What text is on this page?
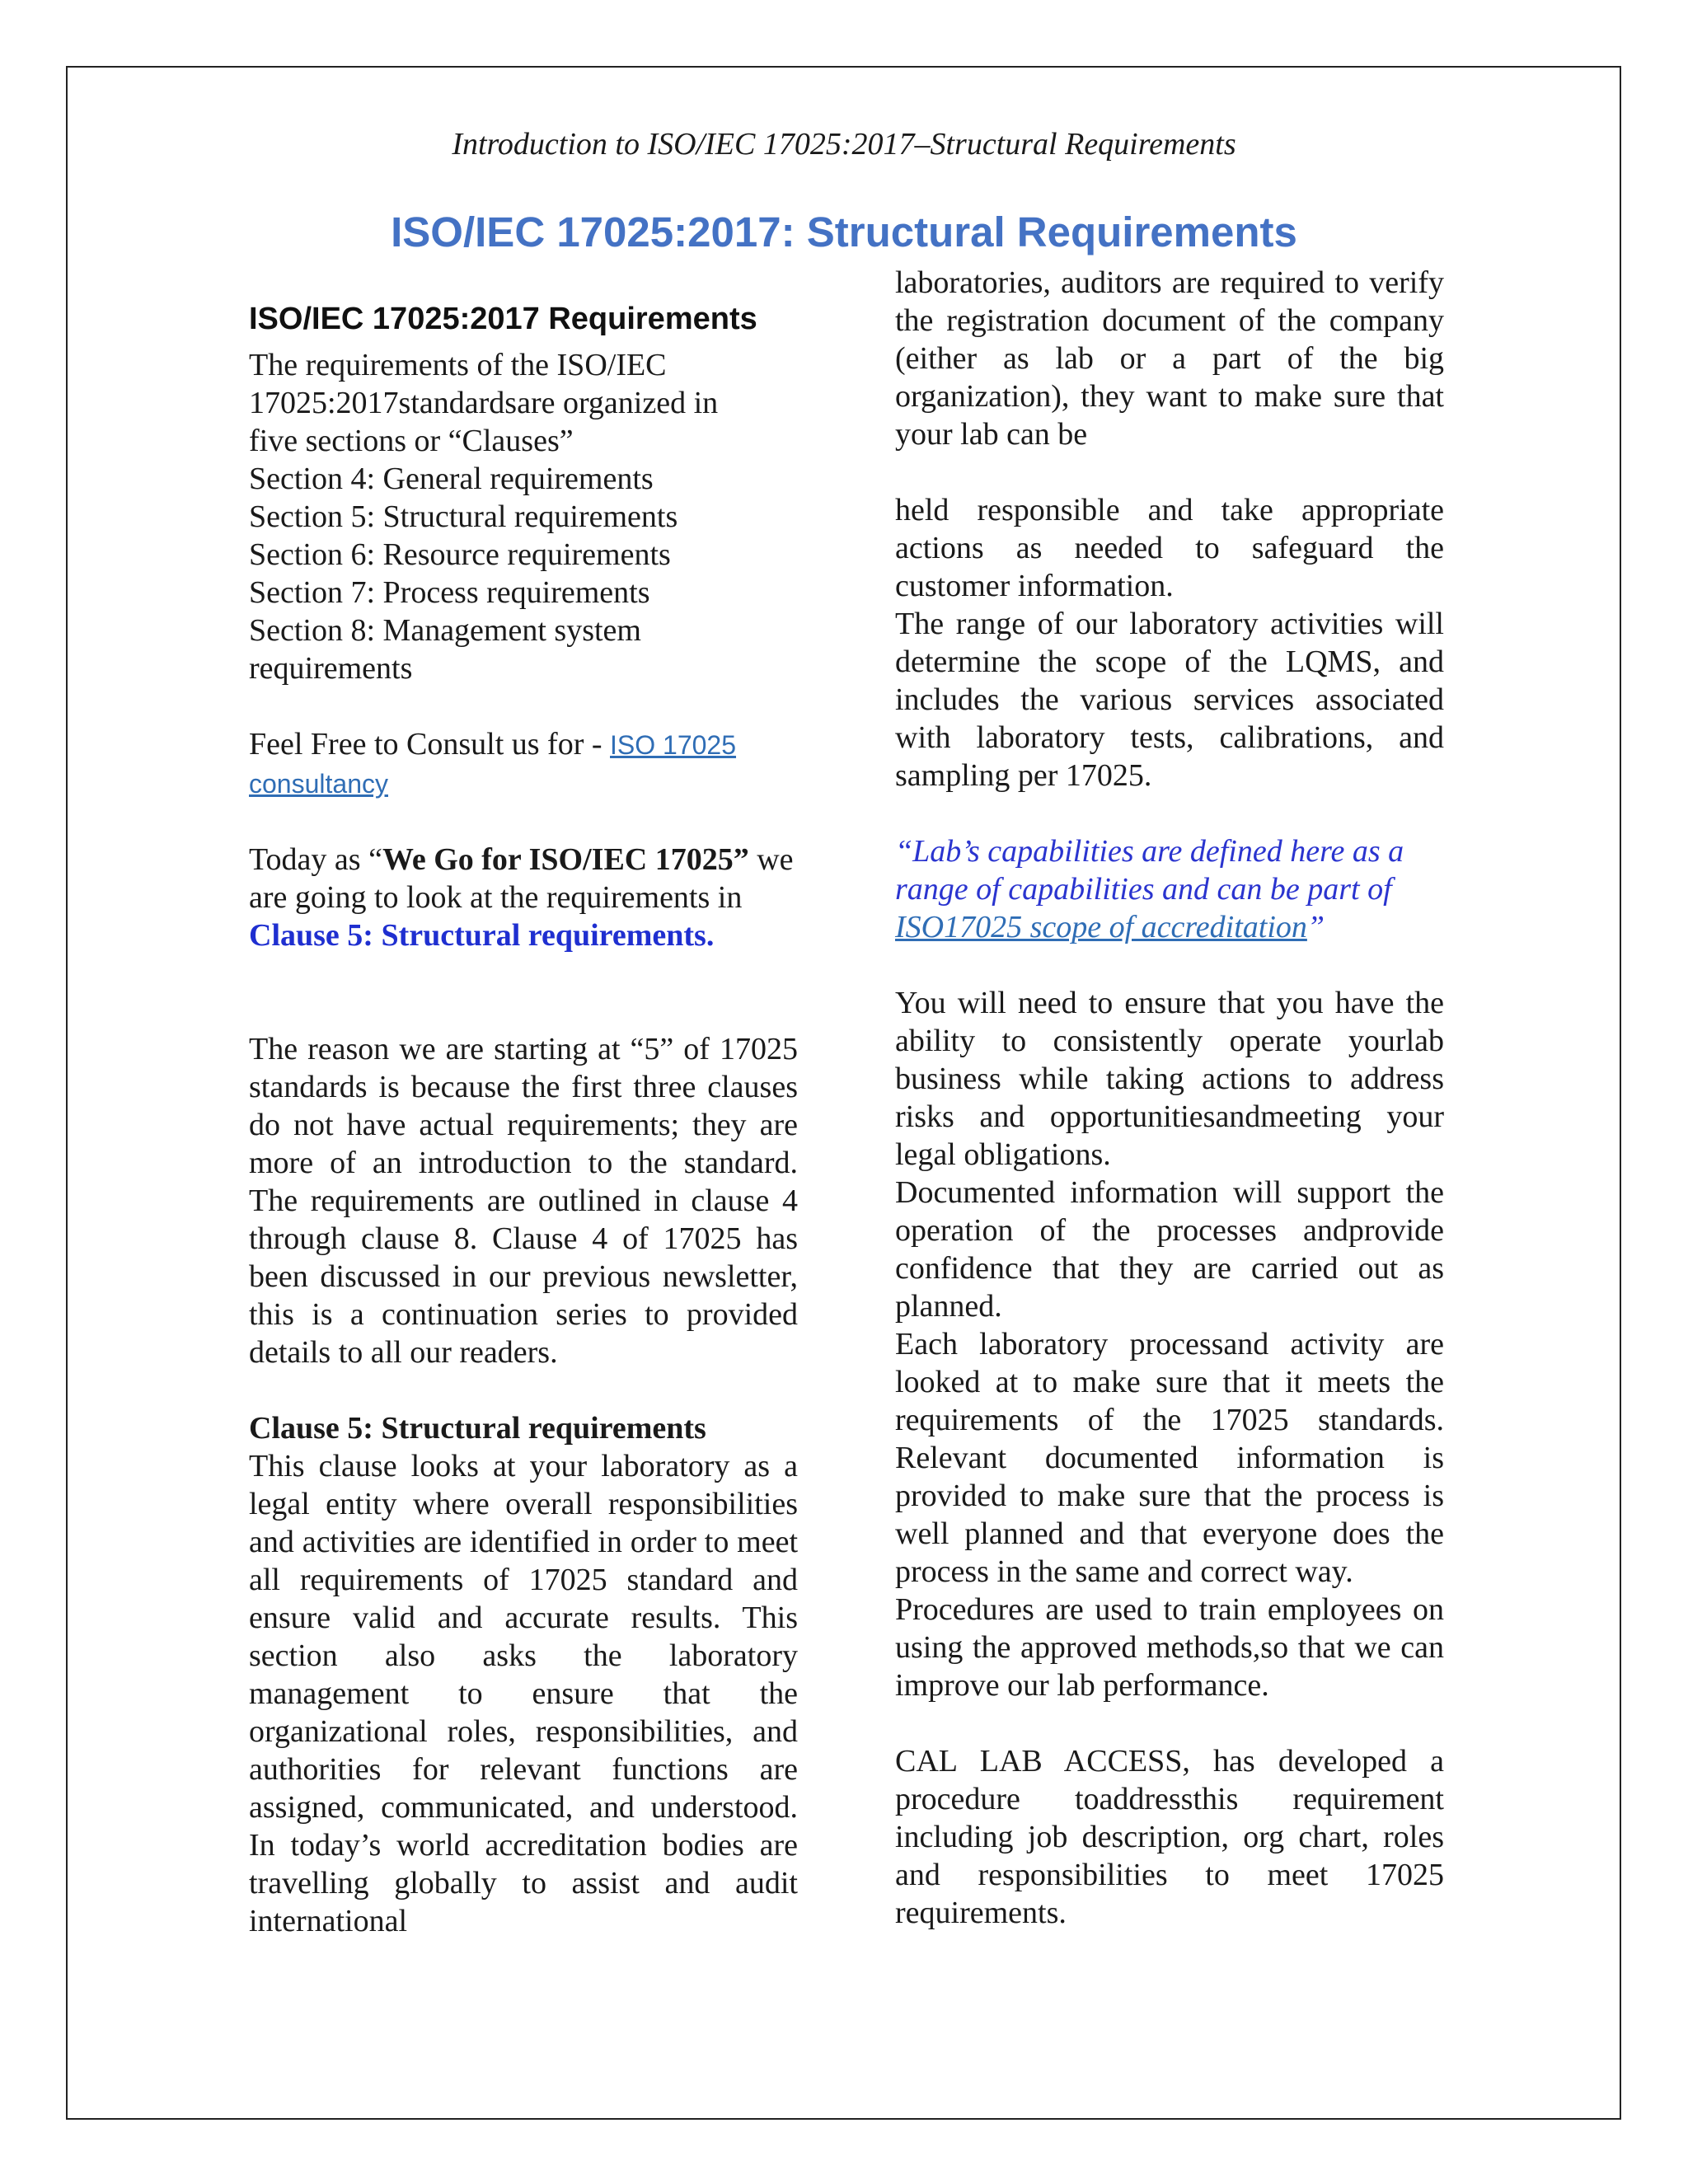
Introduction to ISO/IEC 17025:2017–Structural Requirements
ISO/IEC 17025:2017: Structural Requirements
ISO/IEC 17025:2017 Requirements

The requirements of the ISO/IEC

17025:2017standardsare organized in

five sections or “Clauses”

Section 4: General requirements

Section 5: Structural requirements

Section 6: Resource requirements

Section 7: Process requirements

Section 8: Management system

requirements

Feel Free to Consult us for - ISO 17025 consultancy

Today as “We Go for ISO/IEC 17025” we are going to look at the requirements in Clause 5: Structural requirements.

The reason we are starting at “5” of 17025 standards is because the first three clauses do not have actual requirements; they are more of an introduction to the standard. The requirements are outlined in clause 4 through clause 8. Clause 4 of 17025 has been discussed in our previous newsletter, this is a continuation series to provided details to all our readers.

Clause 5: Structural requirements

This clause looks at your laboratory as a legal entity where overall responsibilities and activities are identified in order to meet all requirements of 17025 standard and ensure valid and accurate results. This section also asks the laboratory management to ensure that the organizational roles, responsibilities, and authorities for relevant functions are assigned, communicated, and understood. In today’s world accreditation bodies are travelling globally to assist and audit international

laboratories, auditors are required to verify the registration document of the company (either as lab or a part of the big organization), they want to make sure that your lab can be

held responsible and take appropriate actions as needed to safeguard the customer information.

The range of our laboratory activities will determine the scope of the LQMS, and includes the various services associated with laboratory tests, calibrations, and sampling per 17025.

“Lab’s capabilities are defined here as a range of capabilities and can be part of ISO17025 scope of accreditation”

You will need to ensure that you have the ability to consistently operate yourlab business while taking actions to address risks and opportunitiesandmeeting your legal obligations.

Documented information will support the operation of the processes andprovide confidence that they are carried out as planned.

Each laboratory processand activity are looked at to make sure that it meets the requirements of the 17025 standards. Relevant documented information is provided to make sure that the process is well planned and that everyone does the process in the same and correct way.

Procedures are used to train employees on using the approved methods,so that we can improve our lab performance.

CAL LAB ACCESS, has developed a procedure toaddressthis requirement including job description, org chart, roles and responsibilities to meet 17025 requirements.
